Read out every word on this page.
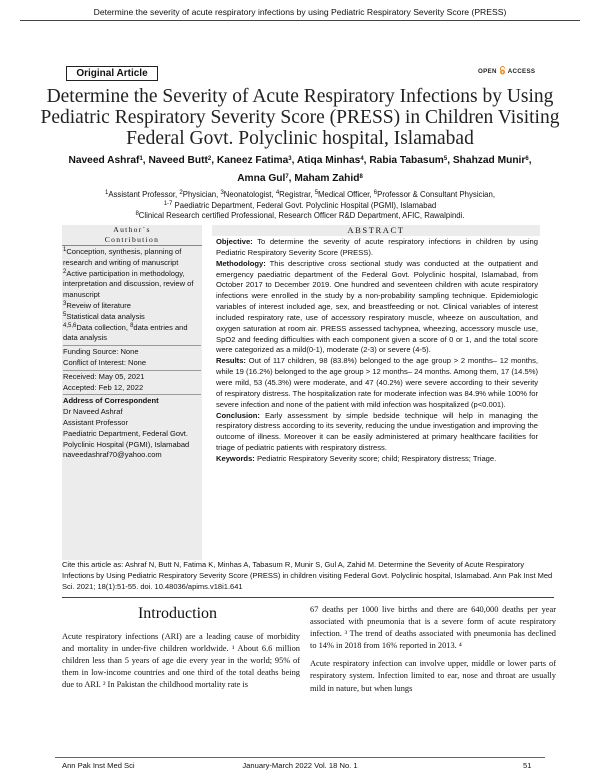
Determine the severity of acute respiratory infections by using Pediatric Respiratory Severity Score (PRESS)
Original Article	OPEN ACCESS
Determine the Severity of Acute Respiratory Infections by Using
Pediatric Respiratory Severity Score (PRESS) in Children Visiting
Federal Govt. Polyclinic hospital, Islamabad
Naveed Ashraf$^1$, Naveed Butt$^2$, Kaneez Fatima$^3$, Atiqa Minhas$^4$, Rabia Tabasum$^5$, Shahzad Munir$^6$,
Amna Gul$^7$, Maham Zahid$^8$
$^1$Assistant Professor, $^2$Physician, $^3$Neonatologist, $^4$Registrar, $^5$Medical Officer, $^6$Professor & Consultant Physician,
$^{1-7}$ Paediatric Department, Federal Govt. Polyclinic Hospital (PGMI), Islamabad
$^8$Clinical Research certified Professional, Research Officer R&D Department, AFIC, Rawalpindi.
Author`s
Contribution
$^1$Conception, synthesis, planning of research and writing of manuscript
$^2$Active participation in methodology, interpretation and discussion, review of manuscript
$^3$Reveiw of literature
$^5$Statistical data analysis
$^{4,5,6}$Data collection, $^8$data entries and data analysis
Funding Source: None
Conflict of Interest: None
Received: May 05, 2021
Accepted: Feb 12, 2022
Address of Correspondent
Dr Naveed Ashraf
Assistant Professor
Paediatric Department, Federal Govt. Polyclinic Hospital (PGMI), Islamabad
naveedashraf70@yahoo.com
ABSTRACT

Objective: To determine the severity of acute respiratory infections in children by using Pediatric Respiratory Severity Score (PRESS).

Methodology: This descriptive cross sectional study was conducted at the outpatient and emergency paediatric department of the Federal Govt. Polyclinic hospital, Islamabad, from October 2017 to December 2019. One hundred and seventeen children with acute respiratory infections were enrolled in the study by a non-probability sampling technique. Epidemiologic variables of interest included age, sex, and breastfeeding or not. Clinical variables of interest included respiratory rate, use of accessory respiratory muscle, wheeze on auscultation, and oxygen saturation at room air. PRESS assessed tachypnea, wheezing, accessory muscle use, SpO2 and feeding difficulties with each component given a score of 0 or 1, and the total score were categorized as a mild(0-1), moderate (2-3) or severe (4-5).

Results: Out of 117 children, 98 (83.8%) belonged to the age group > 2 months– 12 months, while 19 (16.2%) belonged to the age group > 12 months– 24 months. Among them, 17 (14.5%) were mild, 53 (45.3%) were moderate, and 47 (40.2%) were severe according to their severity of respiratory distress. The hospitalization rate for moderate infection was 84.9% while 100% for severe infection and none of the patient with mild infection was hospitalized (p<0.001).

Conclusion: Early assessment by simple bedside technique will help in managing the respiratory distress according to its severity, reducing the undue investigation and improving the outcome of illness. Moreover it can be easily administered at primary healthcare facilities for triage of pediatric patients with respiratory distress.

Keywords: Pediatric Respiratory Severity score; child; Respiratory distress; Triage.

Cite this article as: Ashraf N, Butt N, Fatima K, Minhas A, Tabasum R, Munir S, Gul A, Zahid M. Determine the Severity of Acute Respiratory Infections by Using Pediatric Respiratory Severity Score (PRESS) in children visiting Federal Govt. Polyclinic hospital, Islamabad. Ann Pak Inst Med Sci. 2021; 18(1):51-55. doi. 10.48036/apims.v18i1.641
Introduction

Acute respiratory infections (ARI) are a leading cause of morbidity and mortality in under-five children worldwide. ¹ About 6.6 million children less than 5 years of age die every year in the world; 95% of them in low-income countries and one third of the total deaths being due to ARI. ² In Pakistan the childhood mortality rate is

67 deaths per 1000 live births and there are 640,000 deaths per year associated with pneumonia that is a severe form of acute respiratory infection. ³ The trend of deaths associated with pneumonia has declined to 14% in 2018 from 16% reported in 2013. ⁴

Acute respiratory infection can involve upper, middle or lower parts of respiratory system. Infection limited to ear, nose and throat are usually mild in nature, but when lungs

Ann Pak Inst Med Sci	January-March 2022 Vol. 18 No. 1	51
